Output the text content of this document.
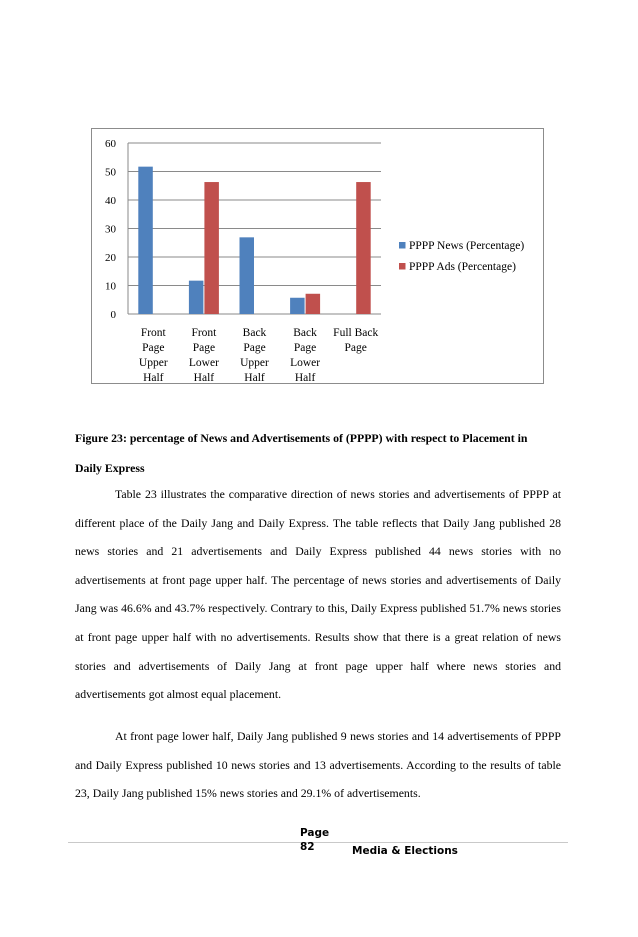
0
10
20
30
40
50
60
Front
Page
Upper
Half
Front
Page
Lower
Half
Back
Page
Upper
Half
Back
Page
Lower
Half
Full Back
Page
PPPP News (Percentage)
PPPP Ads (Percentage)
Figure 23: percentage of News and Advertisements of (PPPP) with respect to Placement in
Daily Express

Table 23 illustrates the comparative direction of news stories and advertisements of PPPP at different place of the Daily Jang and Daily Express. The table reflects that Daily Jang published 28 news stories and 21 advertisements and Daily Express published 44 news stories with no advertisements at front page upper half. The percentage of news stories and advertisements of Daily Jang was 46.6% and 43.7% respectively. Contrary to this, Daily Express published 51.7% news stories at front page upper half with no advertisements. Results show that there is a great relation of news stories and advertisements of Daily Jang at front page upper half where news stories and advertisements got almost equal placement.

At front page lower half, Daily Jang published 9 news stories and 14 advertisements of PPPP and Daily Express published 10 news stories and 13 advertisements. According to the results of table 23, Daily Jang published 15% news stories and 29.1% of advertisements.

Page
82	Media & Elections
